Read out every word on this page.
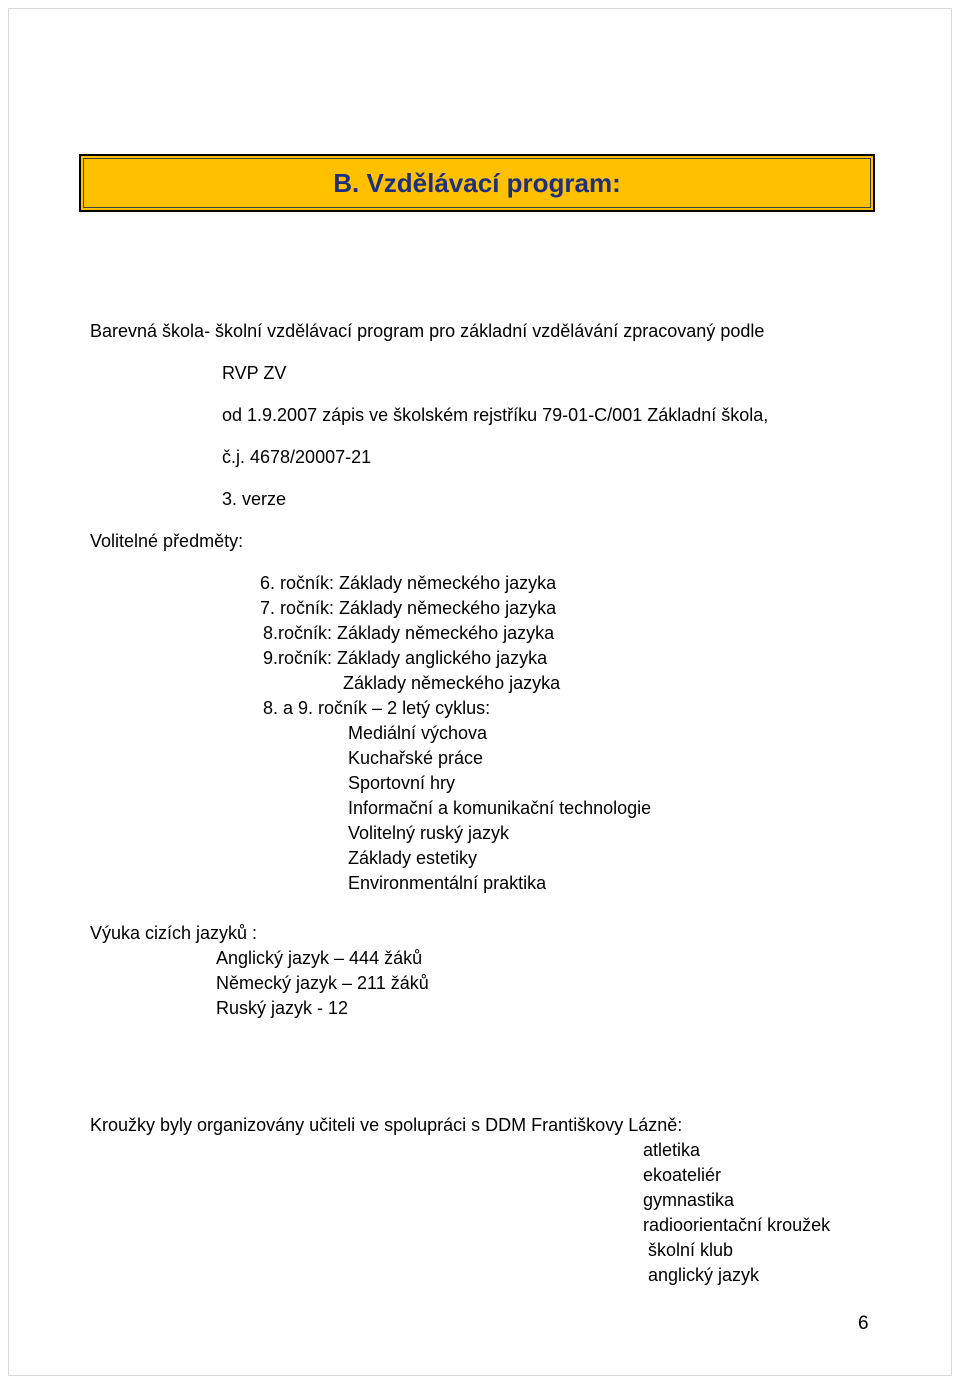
B. Vzdělávací program:
Barevná škola- školní vzdělávací program pro základní vzdělávání zpracovaný podle
RVP ZV
od 1.9.2007 zápis ve školském rejstříku 79-01-C/001 Základní škola,
č.j. 4678/20007-21
3. verze
Volitelné předměty:
6. ročník: Základy německého jazyka
7. ročník: Základy německého jazyka
8.ročník: Základy německého jazyka
9.ročník: Základy anglického jazyka
Základy německého jazyka
8. a 9. ročník – 2 letý cyklus:
Mediální výchova
Kuchařské práce
Sportovní hry
Informační a komunikační technologie
Volitelný ruský jazyk
Základy estetiky
Environmentální praktika
Výuka cizích jazyků :
Anglický jazyk – 444 žáků
Německý jazyk – 211 žáků
Ruský jazyk - 12
Kroužky byly organizovány učiteli ve spolupráci s DDM Františkovy Lázně:
atletika
ekoateliér
gymnastika
radioorientační kroužek
školní klub
anglický jazyk
6
